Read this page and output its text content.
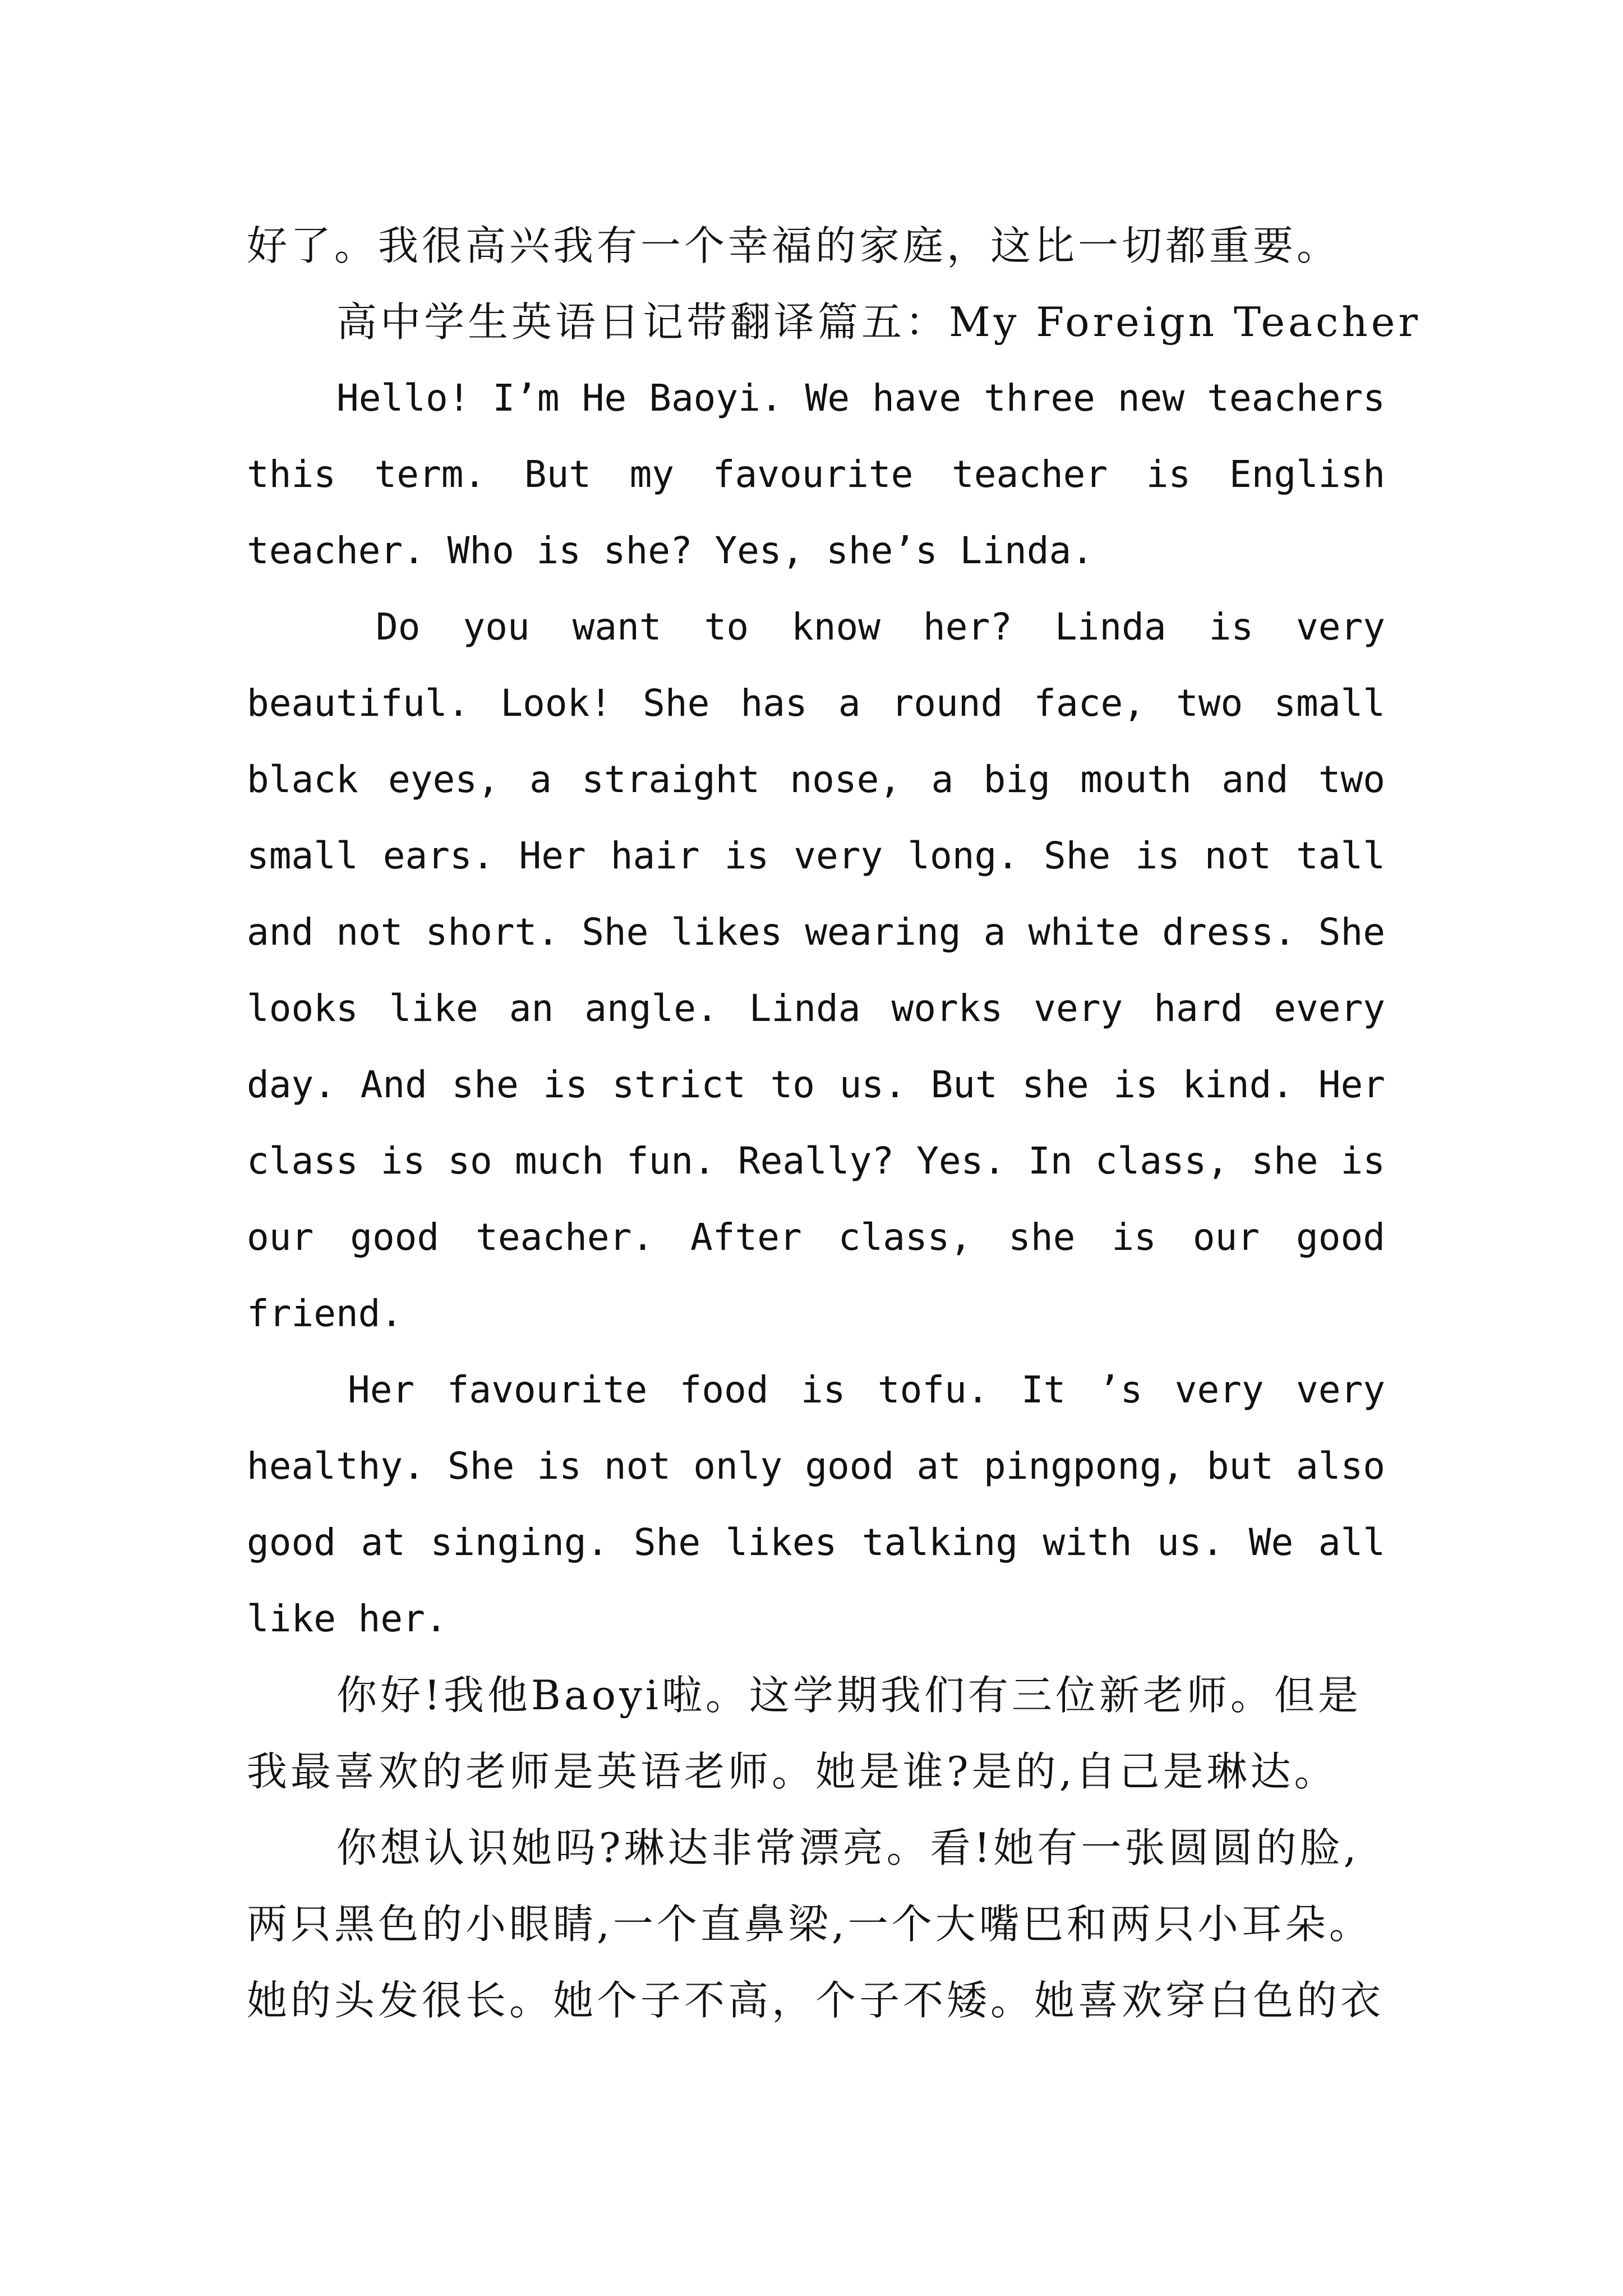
好了。我很高兴我有一个幸福的家庭，这比一切都重要。
高中学生英语日记带翻译篇五：My Foreign Teacher
Hello! I’m He Baoyi. We have three new teachers
this term. But my favourite teacher is English
teacher. Who is she? Yes, she’s Linda.
Do you want to know her? Linda is very
beautiful. Look! She has a round face, two small
black eyes, a straight nose, a big mouth and two
small ears. Her hair is very long. She is not tall
and not short. She likes wearing a white dress. She
looks like an angle. Linda works very hard every
day. And she is strict to us. But she is kind. Her
class is so much fun. Really? Yes. In class, she is
our good teacher. After class, she is our good
friend.
Her favourite food is tofu. It ’s very very
healthy. She is not only good at pingpong, but also
good at singing. She likes talking with us. We all
like her.
你好!我他Baoyi啦。这学期我们有三位新老师。但是
我最喜欢的老师是英语老师。她是谁?是的,自己是琳达。
你想认识她吗?琳达非常漂亮。看!她有一张圆圆的脸,
两只黑色的小眼睛,一个直鼻梁,一个大嘴巴和两只小耳朵。
她的头发很长。她个子不高，个子不矮。她喜欢穿白色的衣
